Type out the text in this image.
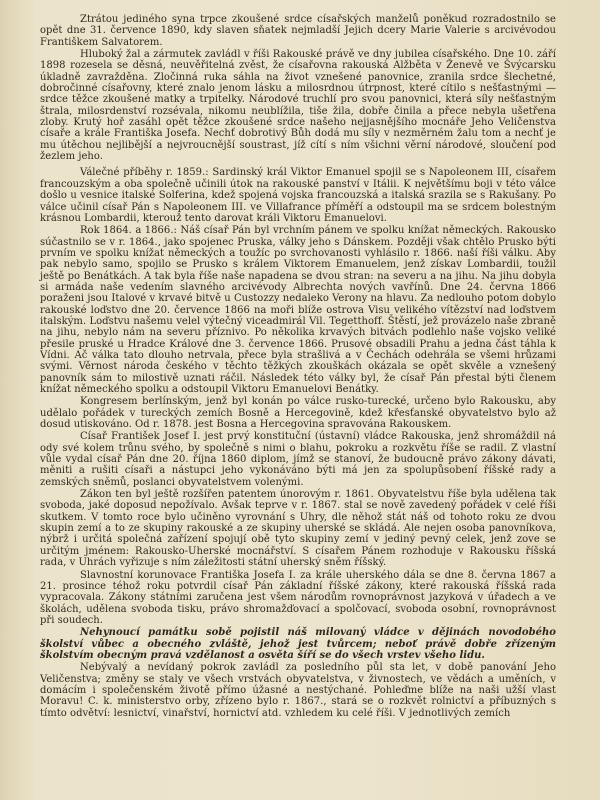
Ztrátou jediného syna trpce zkoušené srdce císařských manželů poněkud rozradostnilo se opět dne 31. července 1890, kdy slaven sňatek nejmladší Jejich dcery Marie Valerie s arcivévodou Františkem Salvatorem.

Hluboký žal a zármutek zavládl v říši Rakouské právě ve dny jubilea císařského. Dne 10. září 1898 rozesela se děsná, neuvěřitelná zvěst, že císařovna rakouská Alžběta v Ženevě ve Švýcarsku úkladně zavražděna. Zločinná ruka sáhla na život vznešené panovnice, zranila srdce šlechetné, dobročinné císařovny, které znalo jenom lásku a milosrdnou útrpnost, které cítilo s nešťastnými — srdce těžce zkoušené matky a trpitelky. Národové truchlí pro svou panovnici, která síly nešťastným štrala, milosrdenství rozsévala, nikomu neublížila, tiše žila, dobře činila a přece nebyla ušetřena zloby. Krutý hoř zasáhl opět těžce zkoušené srdce našeho nejjasnějšího mocnáře Jeho Veličenstva císaře a krále Františka Josefa. Nechť dobrotivý Bůh dodá mu síly v nezměrném žalu tom a nechť je mu útěchou nejlibější a nejvroucnější soustrast, jíž cítí s ním všichni věrní národové, sloučení pod žezlem jeho.

Válečné příběhy r. 1859.: Sardinský král Viktor Emanuel spojil se s Napoleonem III, císařem francouzským a oba společně učinili útok na rakouské panství v Itálii. K největšímu boji v této válce došlo u vesnice italské Solferina, kdež spojená vojska francouzská a italská srazila se s Rakušany. Po válce učinil císař Pán s Napoleonem III. ve Villafrance příměří a odstoupil ma se srdcem bolestným krásnou Lombardii, kterouž tento darovat králi Viktoru Emanuelovi.

Rok 1864. a 1866.: Náš císař Pán byl vrchním pánem ve spolku knížat německých. Rakousko súčastnilo se v r. 1864., jako spojenec Pruska, války jeho s Dánskem. Později však chtělo Prusko býti prvním ve spolku knížat německých a toužíc po svrchovanosti vyhlásilo r. 1866. naší říši válku. Aby pak nebylo samo, spojilo se Prusko s králem Viktorem Emanuelem, jenž získav Lombardii, toužil ještě po Benátkách. A tak byla říše naše napadena se dvou stran: na severu a na jihu. Na jihu dobyla si armáda naše vedením slavného arcivévody Albrechta nových vavřínů. Dne 24. června 1866 poraženi jsou Italové v krvavé bitvě u Custozzy nedaleko Verony na hlavu. Za nedlouho potom dobylo rakouské loďstvo dne 20. července 1866 na moři blíže ostrova Visu velikého vítězství nad loďstvem italským. Loďstvu našemu velel výtečný viceadmirál Vil. Tegetthoff. Štěstí, jež provázelo naše zbraně na jihu, nebylo nám na severu příznivo. Po několika krvavých bitvách podlehlo naše vojsko veliké přesile pruské u Hradce Králové dne 3. července 1866. Prusové obsadili Prahu a jedna část táhla k Vídni. Ač válka tato dlouho netrvala, přece byla strašlivá a v Čechách odehrála se všemi hrůzami svými. Věrnost národa českého v těchto těžkých zkouškách okázala se opět skvěle a vznešený panovník sám to milostivě uznati ráčil. Následek této války byl, že císař Pán přestal býti členem knížat německého spolku a odstoupil Viktoru Emanuelovi Benátky.

Kongresem berlínským, jenž byl konán po válce rusko-turecké, určeno bylo Rakousku, aby udělalo pořádek v tureckých zemích Bosně a Hercegovině, kdež křesťanské obyvatelstvo bylo až dosud utiskováno. Od r. 1878. jest Bosna a Hercegovina spravována Rakouskem.

Císař František Josef I. jest prvý konstituční (ústavní) vládce Rakouska, jenž shromáždil ná ody své kolem trůnu svého, by společně s nimi o blahu, pokroku a rozkvětu říše se radil. Z vlastní vůle vydal císař Pán dne 20. října 1860 diplom, jímž se stanoví, že budoucně právo zákony dávati, měniti a rušiti císaři a nástupci jeho vykonáváno býti má jen za spolupůsobení říšské rady a zemských sněmů, poslanci obyvatelstvem volenými.

Zákon ten byl ještě rozšířen patentem únorovým r. 1861. Obyvatelstvu říše byla udělena tak svoboda, jaké doposud nepožívalo. Avšak teprve v r. 1867. stal se nově zavedený pořádek v celé říši skutkem. V tomto roce bylo učiněno vyrovnání s Uhry, dle něhož stát náš od tohoto roku ze dvou skupin zemí a to ze skupiny rakouské a ze skupiny uherské se skládá. Ale nejen osoba panovníkova, nýbrž i určitá společná zařízení spojují obě tyto skupiny zemí v jediný pevný celek, jenž zove se určitým jménem: Rakousko-Uherské mocnářství. S císařem Pánem rozhoduje v Rakousku říšská rada, v Uhrách vyřizuje s ním záležitosti státní uherský sněm říšský.

Slavnostní korunovace Františka Josefa I. za krále uherského dála se dne 8. června 1867 a 21. prosince téhož roku potvrdil císař Pán základní říšské zákony, které rakouská říšská rada vypracovala. Zákony státními zaručena jest všem národům rovnoprávnost jazyková v úřadech a ve školách, udělena svoboda tisku, právo shromažďovací a spolčovací, svoboda osobní, rovnoprávnost při soudech.

Nehynoucí památku sobě pojistil náš milovaný vládce v dějinách novodobého školství vůbec a obecného zvláště, jehož jest tvůrcem; neboť právě dobře zřízeným školstvím obecným pravá vzdělanost a osvěta šíří se do všech vrstev všeho lidu.

Nebývalý a nevídaný pokrok zavládl za posledního půl sta let, v době panování Jeho Veličenstva; změny se staly ve všech vrstvách obyvatelstva, v živnostech, ve vědách a uměních, v domácím i společenském životě přímo úžasné a nestýchané. Pohleďme blíže na naši užší vlast Moravu! C. k. ministerstvo orby, zřízeno bylo r. 1867., stará se o rozkvět rolnictví a příbuzných s tímto odvětví: lesnictví, vinařství, hornictví atd. vzhledem ku celé říši. V jednotlivých zemích
